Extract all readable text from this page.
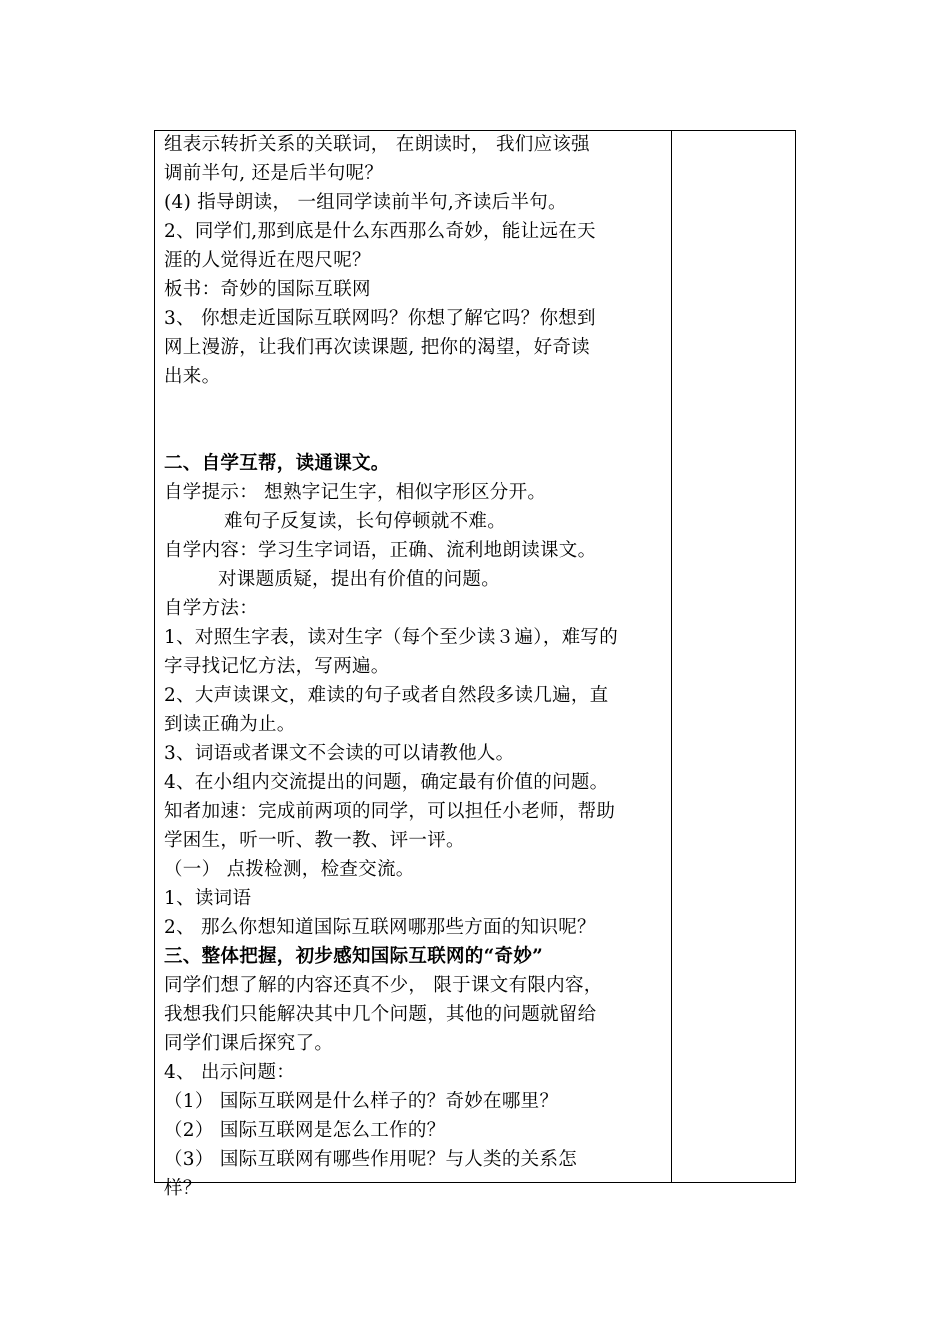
组表示转折关系的关联词， 在朗读时， 我们应该强
调前半句, 还是后半句呢？
(4) 指导朗读， 一组同学读前半句,齐读后半句。
2、同学们,那到底是什么东西那么奇妙，能让远在天
涯的人觉得近在咫尺呢？
板书：奇妙的国际互联网
3、 你想走近国际互联网吗？你想了解它吗？你想到
网上漫游，让我们再次读课题, 把你的渴望，好奇读
出来。
二、自学互帮，读通课文。
自学提示： 想熟字记生字，相似字形区分开。
难句子反复读，长句停顿就不难。
自学内容：学习生字词语，正确、流利地朗读课文。
对课题质疑，提出有价值的问题。
自学方法：
1、对照生字表，读对生字（每个至少读３遍），难写的
字寻找记忆方法，写两遍。
2、大声读课文，难读的句子或者自然段多读几遍，直
到读正确为止。
3、词语或者课文不会读的可以请教他人。
4、在小组内交流提出的问题，确定最有价值的问题。
知者加速：完成前两项的同学，可以担任小老师，帮助
学困生，听一听、教一教、评一评。
（一） 点拨检测，检查交流。
1、读词语
2、 那么你想知道国际互联网哪那些方面的知识呢？
三、整体把握，初步感知国际互联网的“奇妙”
同学们想了解的内容还真不少， 限于课文有限内容，
我想我们只能解决其中几个问题，其他的问题就留给
同学们课后探究了。
4、 出示问题：
（1） 国际互联网是什么样子的？奇妙在哪里？
（2） 国际互联网是怎么工作的？
（3） 国际互联网有哪些作用呢？与人类的关系怎
样？
